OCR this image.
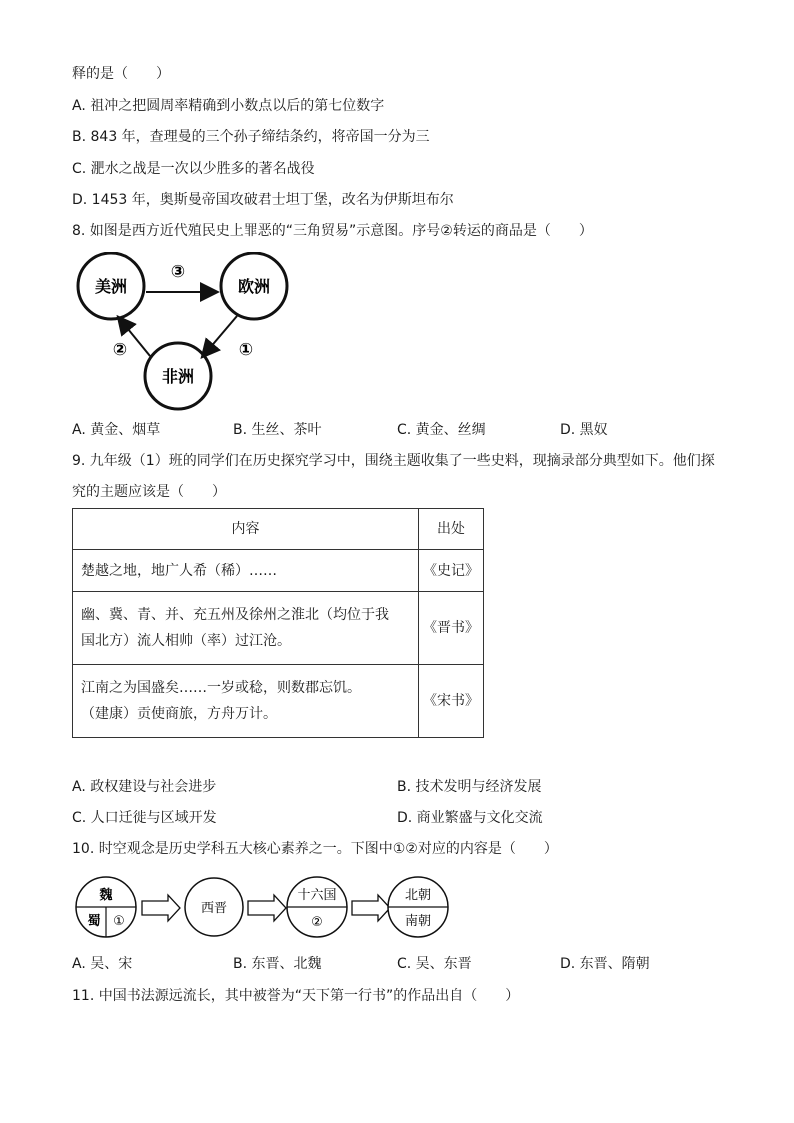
释的是（　　）
A. 祖冲之把圆周率精确到小数点以后的第七位数字
B. 843 年，查理曼的三个孙子缔结条约，将帝国一分为三
C. 淝水之战是一次以少胜多的著名战役
D. 1453 年，奥斯曼帝国攻破君士坦丁堡，改名为伊斯坦布尔
8. 如图是西方近代殖民史上罪恶的“三角贸易”示意图。序号②转运的商品是（　　）
美洲	欧洲
非洲
③
①
②
A. 黄金、烟草	B. 生丝、茶叶	C. 黄金、丝绸	D. 黑奴
9. 九年级（1）班的同学们在历史探究学习中，围绕主题收集了一些史料，现摘录部分典型如下。他们探
究的主题应该是（　　）
内容	出处
楚越之地，地广人希（稀）……	《史记》

幽、冀、青、并、充五州及徐州之淮北（均位于我
国北方）流人相帅（率）过江沧。	《晋书》

江南之为国盛矣……一岁或稔，则数郡忘饥。
（建康）贡使商旅，方舟万计。	《宋书》
A. 政权建设与社会进步	B. 技术发明与经济发展
C. 人口迁徙与区域开发	D. 商业繁盛与文化交流
10. 时空观念是历史学科五大核心素养之一。下图中①②对应的内容是（　　）
魏
蜀 ①
西晋
十六国
②
北朝
南朝
A. 吴、宋	B. 东晋、北魏	C. 吴、东晋	D. 东晋、隋朝
11. 中国书法源远流长，其中被誉为“天下第一行书”的作品出自（　　）
